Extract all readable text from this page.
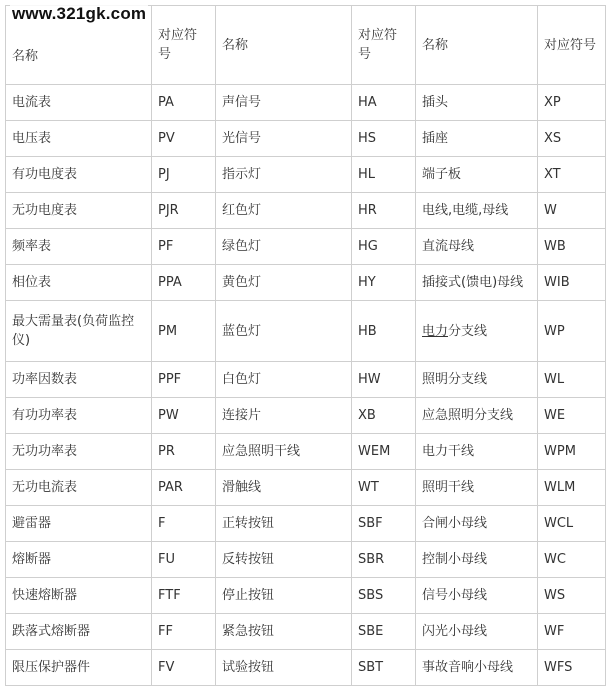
www.321gk.com
名称	对应符号	名称	对应符号	名称	对应符号
电流表	PA	声信号	HA	插头	XP
电压表	PV	光信号	HS	插座	XS
有功电度表	PJ	指示灯	HL	端子板	XT
无功电度表	PJR	红色灯	HR	电线,电缆,母线	W
频率表	PF	绿色灯	HG	直流母线	WB
相位表	PPA	黄色灯	HY	插接式(馈电)母线	WIB
最大需量表(负荷监控仪)	PM	蓝色灯	HB	电力分支线	WP
功率因数表	PPF	白色灯	HW	照明分支线	WL
有功功率表	PW	连接片	XB	应急照明分支线	WE
无功功率表	PR	应急照明干线	WEM	电力干线	WPM
无功电流表	PAR	滑触线	WT	照明干线	WLM
避雷器	F	正转按钮	SBF	合闸小母线	WCL
熔断器	FU	反转按钮	SBR	控制小母线	WC
快速熔断器	FTF	停止按钮	SBS	信号小母线	WS
跌落式熔断器	FF	紧急按钮	SBE	闪光小母线	WF
限压保护器件	FV	试验按钮	SBT	事故音响小母线	WFS
